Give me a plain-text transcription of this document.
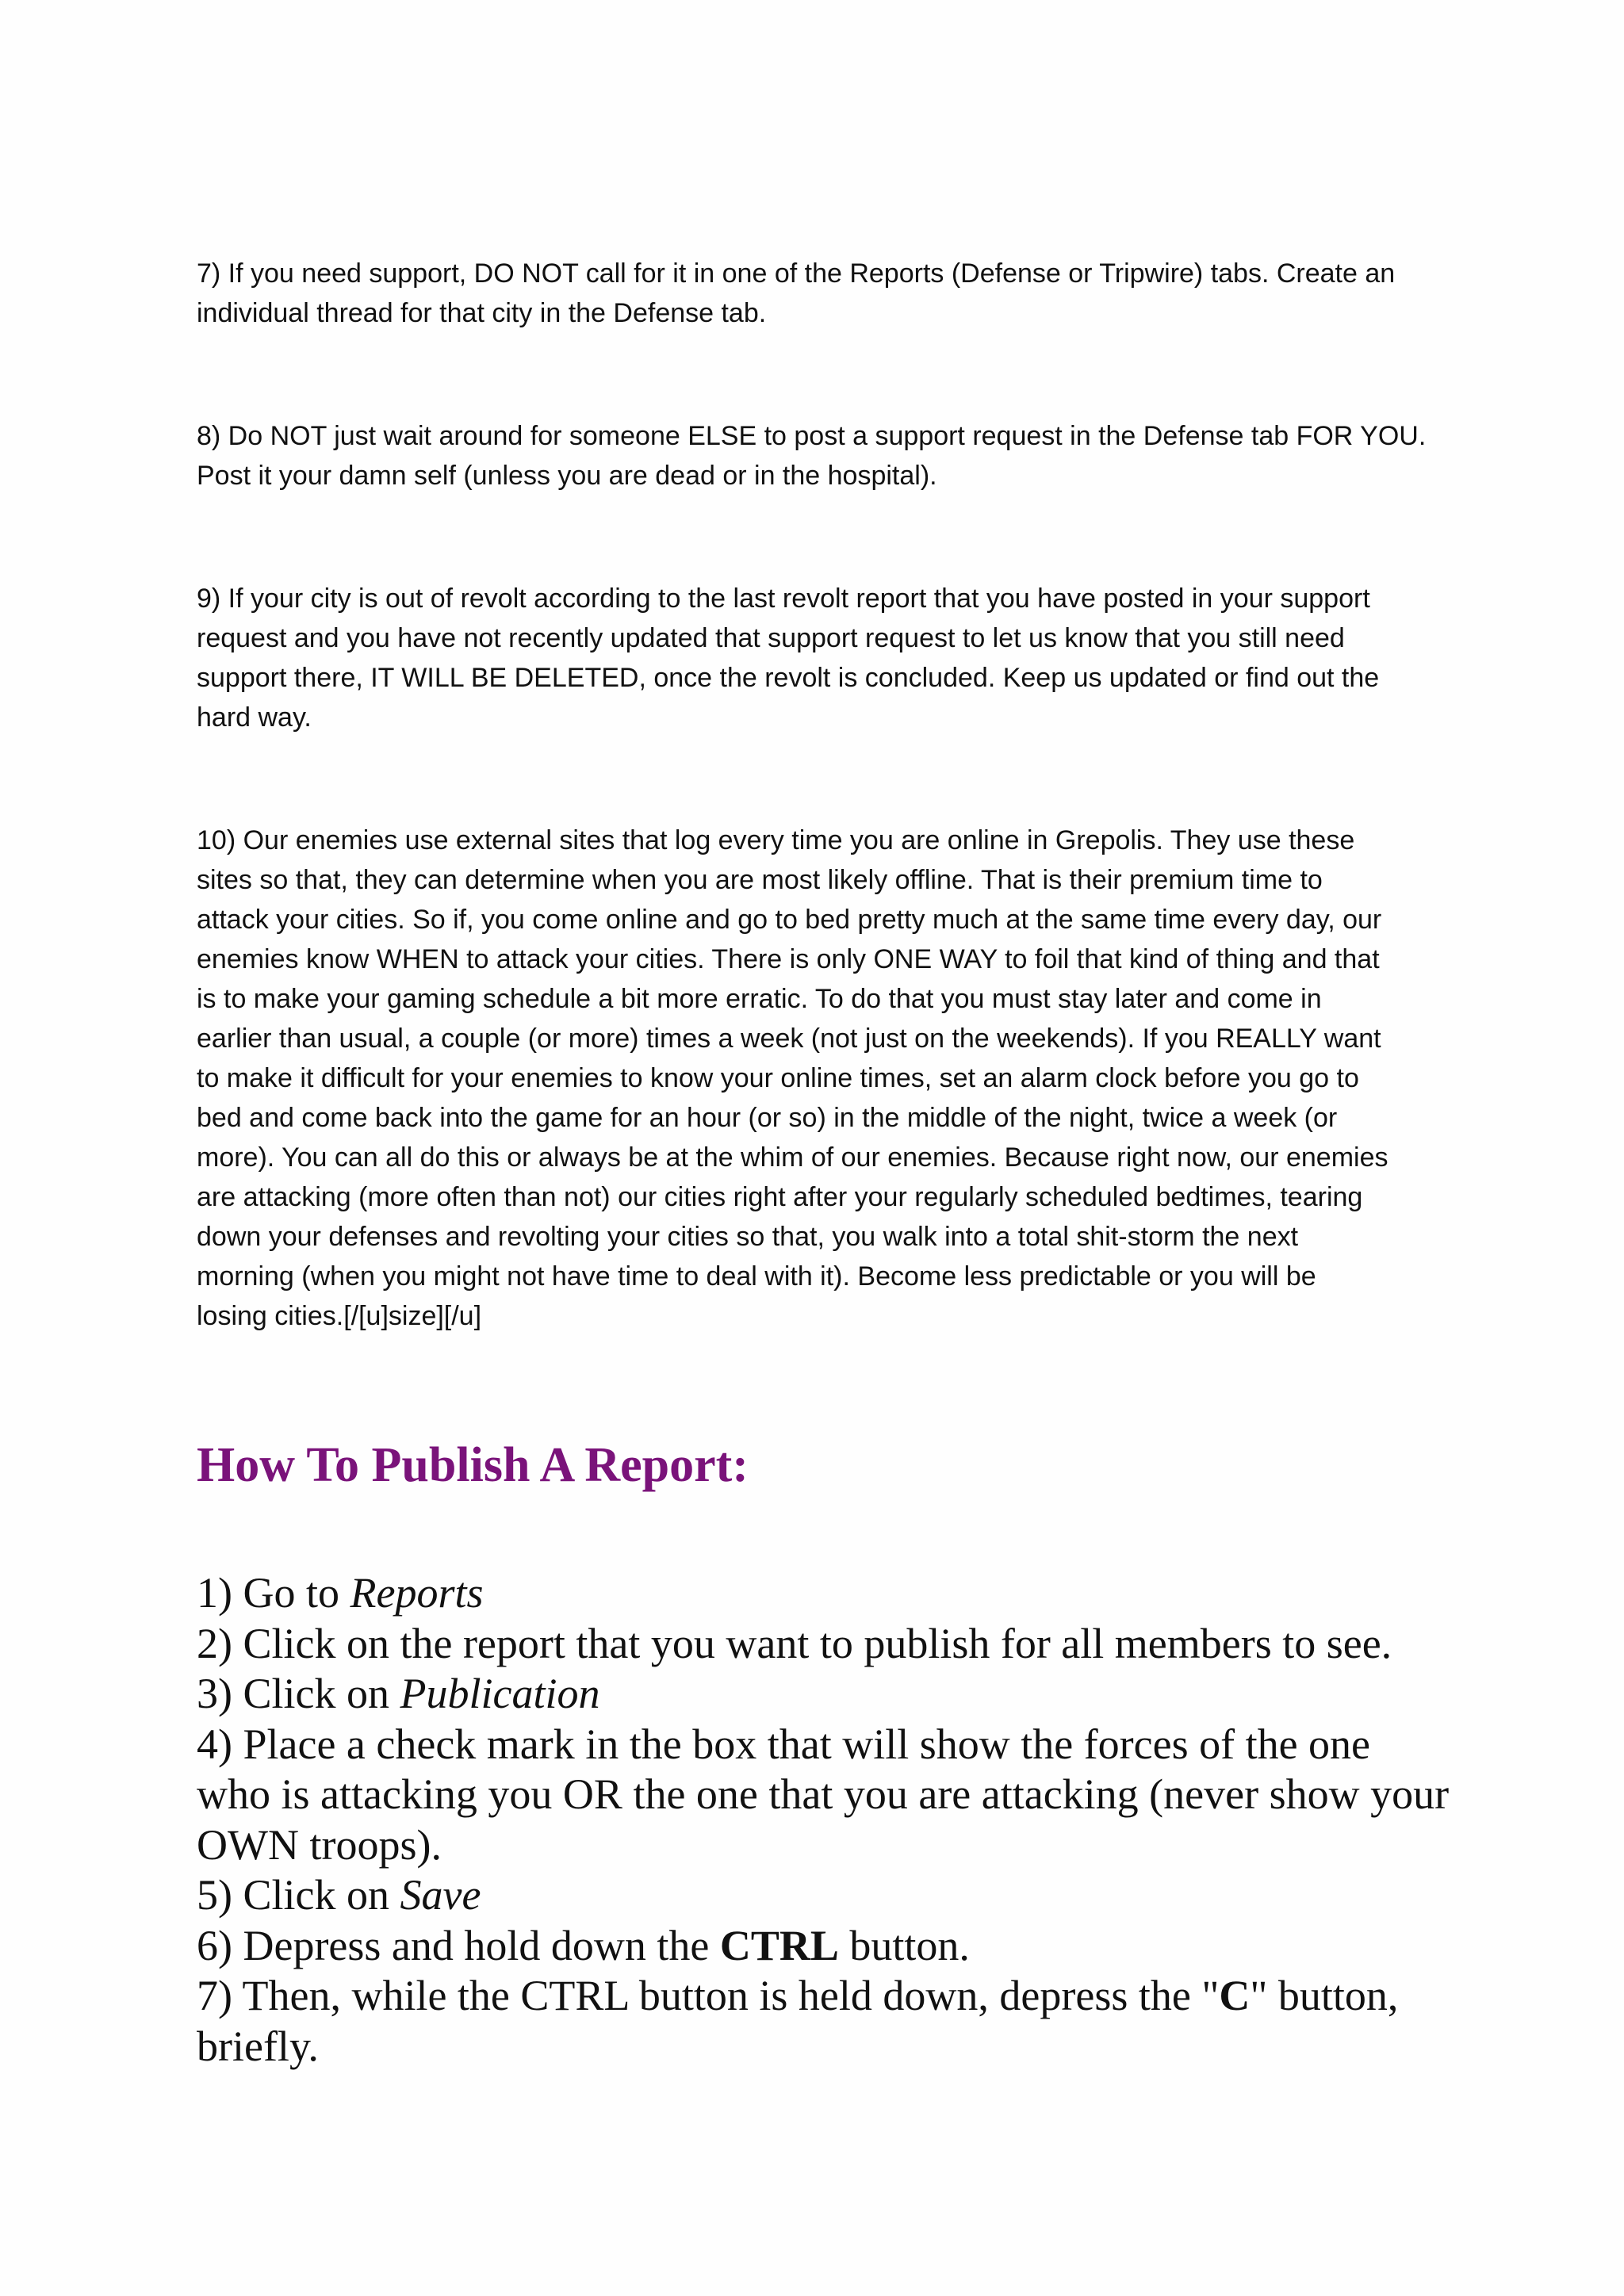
7) If you need support, DO NOT call for it in one of the Reports (Defense or Tripwire) tabs. Create an
individual thread for that city in the Defense tab.

8) Do NOT just wait around for someone ELSE to post a support request in the Defense tab FOR YOU.
Post it your damn self (unless you are dead or in the hospital).

9) If your city is out of revolt according to the last revolt report that you have posted in your support
request and you have not recently updated that support request to let us know that you still need
support there, IT WILL BE DELETED, once the revolt is concluded. Keep us updated or find out the
hard way.

10) Our enemies use external sites that log every time you are online in Grepolis. They use these
sites so that, they can determine when you are most likely offline. That is their premium time to
attack your cities. So if, you come online and go to bed pretty much at the same time every day, our
enemies know WHEN to attack your cities. There is only ONE WAY to foil that kind of thing and that
is to make your gaming schedule a bit more erratic. To do that you must stay later and come in
earlier than usual, a couple (or more) times a week (not just on the weekends). If you REALLY want
to make it difficult for your enemies to know your online times, set an alarm clock before you go to
bed and come back into the game for an hour (or so) in the middle of the night, twice a week (or
more). You can all do this or always be at the whim of our enemies. Because right now, our enemies
are attacking (more often than not) our cities right after your regularly scheduled bedtimes, tearing
down your defenses and revolting your cities so that, you walk into a total shit-storm the next
morning (when you might not have time to deal with it). Become less predictable or you will be
losing cities.[/[u]size][/u]

How To Publish A Report:
1) Go to Reports
2) Click on the report that you want to publish for all members to see.
3) Click on Publication
4) Place a check mark in the box that will show the forces of the one who is attacking you OR the one that you are attacking (never show your OWN troops).
5) Click on Save
6) Depress and hold down the CTRL button.
7) Then, while the CTRL button is held down, depress the "C" button, briefly.
